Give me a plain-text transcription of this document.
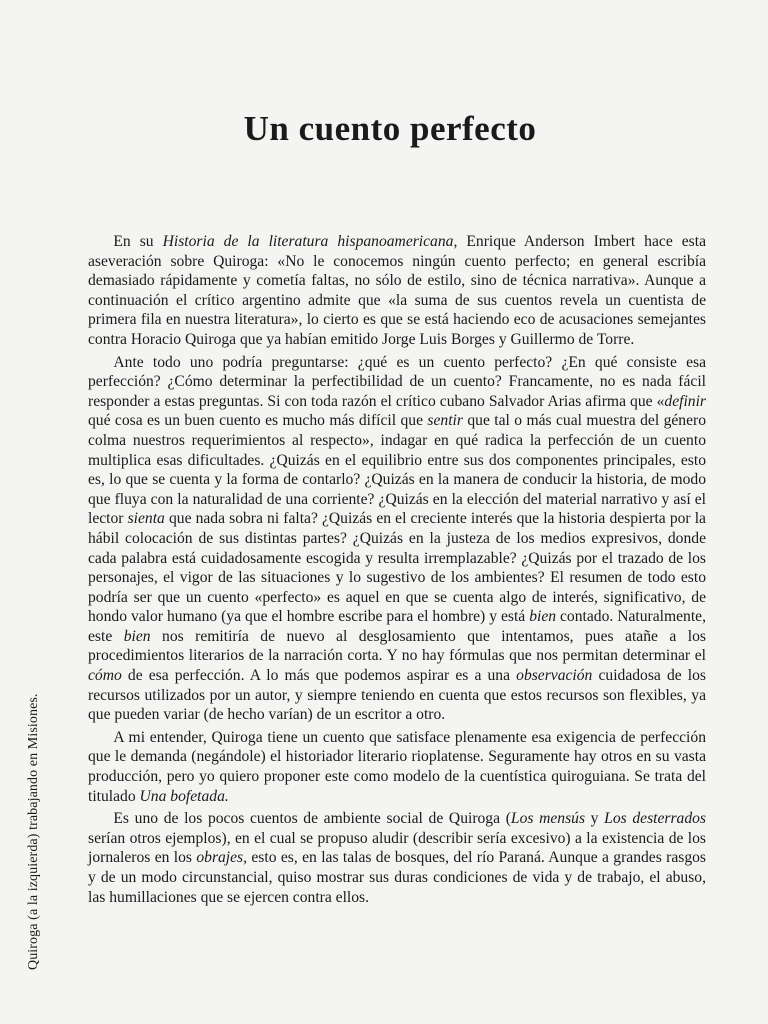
Un cuento perfecto

  En su Historia de la literatura hispanoamericana, Enrique Anderson Imbert hace esta aseveración sobre Quiroga: «No le conocemos ningún cuento perfecto; en general escribía demasiado rápidamente y cometía faltas, no sólo de estilo, sino de técnica narrativa». Aunque a continuación el crítico argentino admite que «la suma de sus cuentos revela un cuentista de primera fila en nuestra literatura», lo cierto es que se está haciendo eco de acusaciones semejantes contra Horacio Quiroga que ya habían emitido Jorge Luis Borges y Guillermo de Torre.

  Ante todo uno podría preguntarse: ¿qué es un cuento perfecto? ¿En qué consiste esa perfección? ¿Cómo determinar la perfectibilidad de un cuento? Francamente, no es nada fácil responder a estas preguntas. Si con toda razón el crítico cubano Salvador Arias afirma que «definir qué cosa es un buen cuento es mucho más difícil que sentir que tal o más cual muestra del género colma nuestros requerimientos al respecto», indagar en qué radica la perfección de un cuento multiplica esas dificultades. ¿Quizás en el equilibrio entre sus dos componentes principales, esto es, lo que se cuenta y la forma de contarlo? ¿Quizás en la manera de conducir la historia, de modo que fluya con la naturalidad de una corriente? ¿Quizás en la elección del material narrativo y así el lector sienta que nada sobra ni falta? ¿Quizás en el creciente interés que la historia despierta por la hábil colocación de sus distintas partes? ¿Quizás en la justeza de los medios expresivos, donde cada palabra está cuidadosamente escogida y resulta irremplazable? ¿Quizás por el trazado de los personajes, el vigor de las situaciones y lo sugestivo de los ambientes? El resumen de todo esto podría ser que un cuento «perfecto» es aquel en que se cuenta algo de interés, significativo, de hondo valor humano (ya que el hombre escribe para el hombre) y está bien contado. Naturalmente, este bien nos remitiría de nuevo al desglosamiento que intentamos, pues atañe a los procedimientos literarios de la narración corta. Y no hay fórmulas que nos permitan determinar el cómo de esa perfección. A lo más que podemos aspirar es a una observación cuidadosa de los recursos utilizados por un autor, y siempre teniendo en cuenta que estos recursos son flexibles, ya que pueden variar (de hecho varían) de un escritor a otro.

  A mi entender, Quiroga tiene un cuento que satisface plenamente esa exigencia de perfección que le demanda (negándole) el historiador literario rioplatense. Seguramente hay otros en su vasta producción, pero yo quiero proponer este como modelo de la cuentística quiroguiana. Se trata del titulado Una bofetada.

  Es uno de los pocos cuentos de ambiente social de Quiroga (Los mensús y Los desterrados serían otros ejemplos), en el cual se propuso aludir (describir sería excesivo) a la existencia de los jornaleros en los obrajes, esto es, en las talas de bosques, del río Paraná. Aunque a grandes rasgos y de un modo circunstancial, quiso mostrar sus duras condiciones de vida y de trabajo, el abuso, las humillaciones que se ejercen contra ellos.

Quiroga (a la izquierda) trabajando en Misiones.
